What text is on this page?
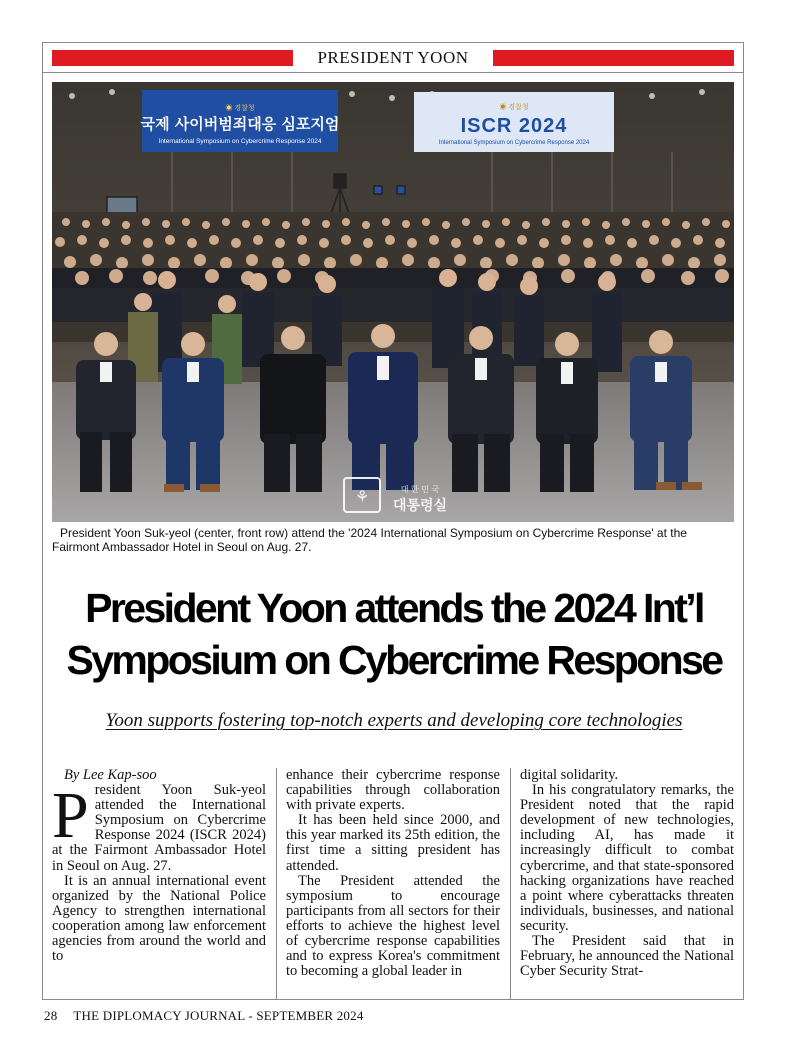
PRESIDENT YOON
◉ 경찰청
국제 사이버범죄대응 심포지엄
International Symposium on Cybercrime Response 2024
◉ 경찰청
ISCR 2024
International Symposium on Cybercrime Response 2024
⚘	대 한 민 국
대통령실
President Yoon Suk-yeol (center, front row) attend the '2024 International Symposium on Cybercrime Response' at the Fairmont Ambassador Hotel in Seoul on Aug. 27.
President Yoon attends the 2024 Int’l
Symposium on Cybercrime Response
Yoon supports fostering top-notch experts and developing core technologies

By Lee Kap-soo

President Yoon Suk-yeol attended the International Symposium on Cybercrime Response 2024 (ISCR 2024) at the Fairmont Ambassador Hotel in Seoul on Aug. 27.

It is an annual international event organized by the National Police Agency to strengthen international cooperation among law enforcement agencies from around the world and to

enhance their cybercrime response capabilities through collaboration with private experts.

It has been held since 2000, and this year marked its 25th edition, the first time a sitting president has attended.

The President attended the symposium to encourage participants from all sectors for their efforts to achieve the highest level of cybercrime response capabilities and to express Korea's commitment to becoming a global leader in

digital solidarity.

In his congratulatory remarks, the President noted that the rapid development of new technologies, including AI, has made it increasingly difficult to combat cybercrime, and that state-sponsored hacking organizations have reached a point where cyberattacks threaten individuals, businesses, and national security.

The President said that in February, he announced the National Cyber Security Strat-

28 THE DIPLOMACY JOURNAL - SEPTEMBER 2024
